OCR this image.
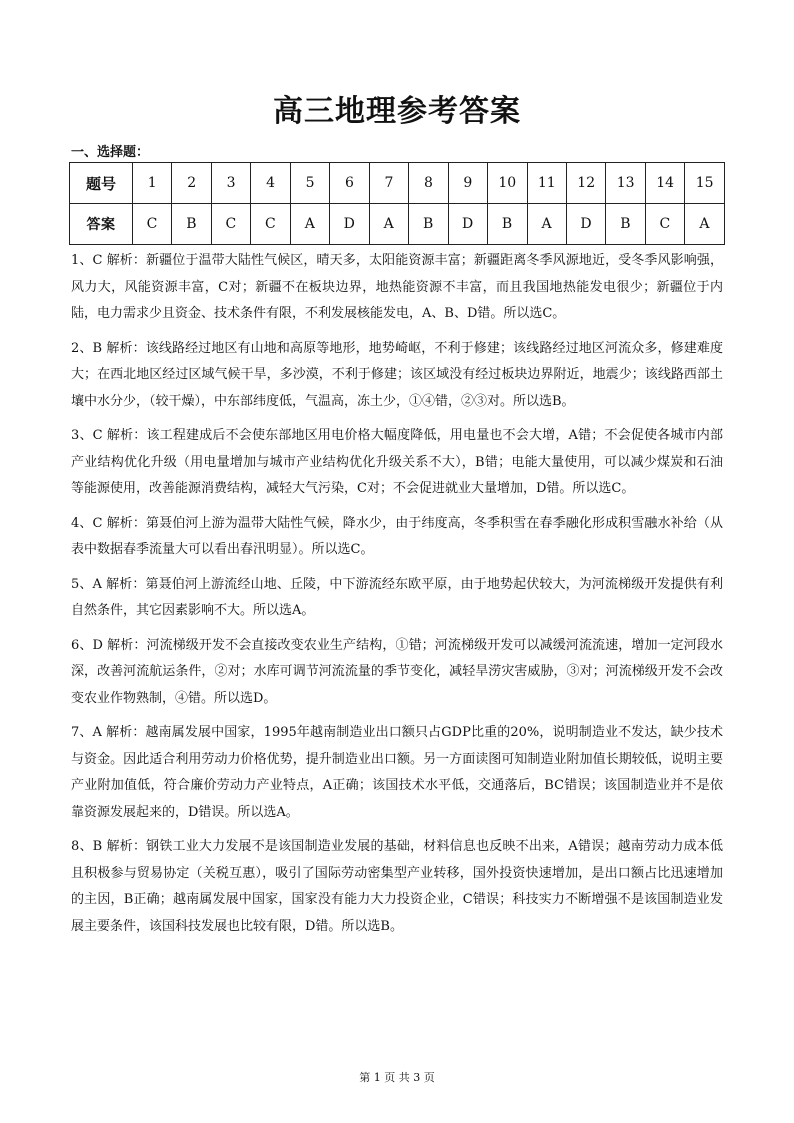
高三地理参考答案
一、选择题：
题号	1	2	3	4	5	6	7	8	9	10	11	12	13	14	15
答案	C	B	C	C	A	D	A	B	D	B	A	D	B	C	A

1、C 解析：新疆位于温带大陆性气候区，晴天多，太阳能资源丰富；新疆距离冬季风源地近，受冬季风影响强，风力大，风能资源丰富，C对；新疆不在板块边界，地热能资源不丰富，而且我国地热能发电很少；新疆位于内陆，电力需求少且资金、技术条件有限，不利发展核能发电，A、B、D错。所以选C。

2、B 解析：该线路经过地区有山地和高原等地形，地势崎岖，不利于修建；该线路经过地区河流众多，修建难度大；在西北地区经过区域气候干旱，多沙漠，不利于修建；该区域没有经过板块边界附近，地震少；该线路西部土壤中水分少，（较干燥），中东部纬度低，气温高，冻土少，①④错，②③对。所以选B。

3、C 解析：该工程建成后不会使东部地区用电价格大幅度降低，用电量也不会大增，A错；不会促使各城市内部产业结构优化升级（用电量增加与城市产业结构优化升级关系不大），B错；电能大量使用，可以减少煤炭和石油等能源使用，改善能源消费结构，减轻大气污染，C对；不会促进就业大量增加，D错。所以选C。

4、C 解析：第聂伯河上游为温带大陆性气候，降水少，由于纬度高，冬季积雪在春季融化形成积雪融水补给（从表中数据春季流量大可以看出春汛明显）。所以选C。

5、A 解析：第聂伯河上游流经山地、丘陵，中下游流经东欧平原，由于地势起伏较大，为河流梯级开发提供有利自然条件，其它因素影响不大。所以选A。

6、D 解析：河流梯级开发不会直接改变农业生产结构，①错；河流梯级开发可以减缓河流流速，增加一定河段水深，改善河流航运条件，②对；水库可调节河流流量的季节变化，减轻旱涝灾害威胁，③对；河流梯级开发不会改变农业作物熟制，④错。所以选D。

7、A 解析：越南属发展中国家，1995年越南制造业出口额只占GDP比重的20%，说明制造业不发达，缺少技术与资金。因此适合利用劳动力价格优势，提升制造业出口额。另一方面读图可知制造业附加值长期较低，说明主要产业附加值低，符合廉价劳动力产业特点，A正确；该国技术水平低，交通落后，BC错误；该国制造业并不是依靠资源发展起来的，D错误。所以选A。

8、B 解析：钢铁工业大力发展不是该国制造业发展的基础，材料信息也反映不出来，A错误；越南劳动力成本低且积极参与贸易协定（关税互惠），吸引了国际劳动密集型产业转移，国外投资快速增加，是出口额占比迅速增加的主因，B正确；越南属发展中国家，国家没有能力大力投资企业，C错误；科技实力不断增强不是该国制造业发展主要条件，该国科技发展也比较有限，D错。所以选B。

第 1 页 共 3 页
